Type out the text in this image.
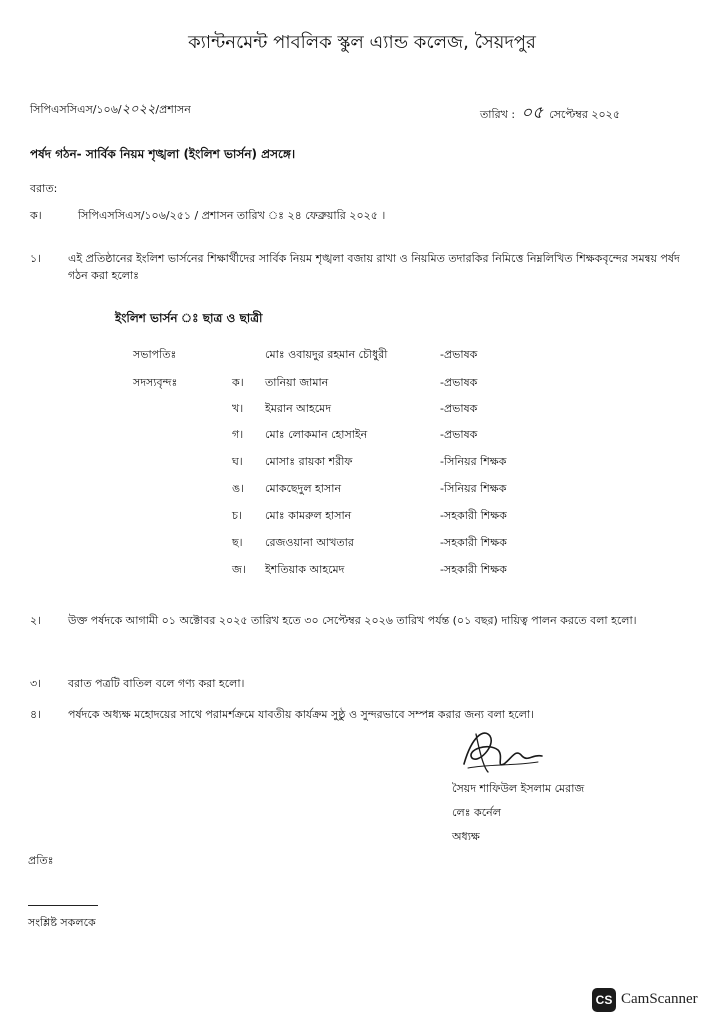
ক্যান্টনমেন্ট পাবলিক স্কুল এ্যান্ড কলেজ, সৈয়দপুর
সিপিএসসিএস/১০৬/২০২২/প্রশাসন	তারিখ : ০৫ সেপ্টেম্বর ২০২৫
পর্ষদ গঠন- সার্বিক নিয়ম শৃঙ্খলা (ইংলিশ ভার্সন) প্রসঙ্গে।
বরাত:
ক।	সিপিএসসিএস/১০৬/২৫১ / প্রশাসন তারিখ ঃ ২৪ ফেব্রুয়ারি ২০২৫ ।
১। এই প্রতিষ্ঠানের ইংলিশ ভার্সনের শিক্ষার্থীদের সার্বিক নিয়ম শৃঙ্খলা বজায় রাখা ও নিয়মিত তদারকির নিমিত্তে নিম্নলিখিত শিক্ষকবৃন্দের সমন্বয় পর্ষদ গঠন করা হলোঃ
ইংলিশ ভার্সন ঃ ছাত্র ও ছাত্রী
সভাপতিঃ	মোঃ ওবায়দুর রহমান চৌধুরী	-প্রভাষক
সদস্যবৃন্দঃ	ক। তানিয়া জামান	-প্রভাষক
খ। ইমরান আহমেদ	-প্রভাষক
গ। মোঃ লোকমান হোসাইন	-প্রভাষক
ঘ। মোসাঃ রায়কা শরীফ	-সিনিয়র শিক্ষক
ঙ। মোকছেদুল হাসান	-সিনিয়র শিক্ষক
চ। মোঃ কামরুল হাসান	-সহকারী শিক্ষক
ছ। রেজওয়ানা আখতার	-সহকারী শিক্ষক
জ। ইশতিয়াক আহমেদ	-সহকারী শিক্ষক
২। উক্ত পর্ষদকে আগামী ০১ অক্টোবর ২০২৫ তারিখ হতে ৩০ সেপ্টেম্বর ২০২৬ তারিখ পর্যন্ত (০১ বছর) দায়িত্ব পালন করতে বলা হলো।
৩। বরাত পত্রটি বাতিল বলে গণ্য করা হলো।
৪। পর্ষদকে অধ্যক্ষ মহোদয়ের সাথে পরামর্শক্রমে যাবতীয় কার্যক্রম সুষ্ঠু ও সুন্দরভাবে সম্পন্ন করার জন্য বলা হলো।
সৈয়দ শাফিউল ইসলাম মেরাজ
লেঃ কর্নেল
অধ্যক্ষ
প্রতিঃ
সংশ্লিষ্ট সকলকে
CS CamScanner
